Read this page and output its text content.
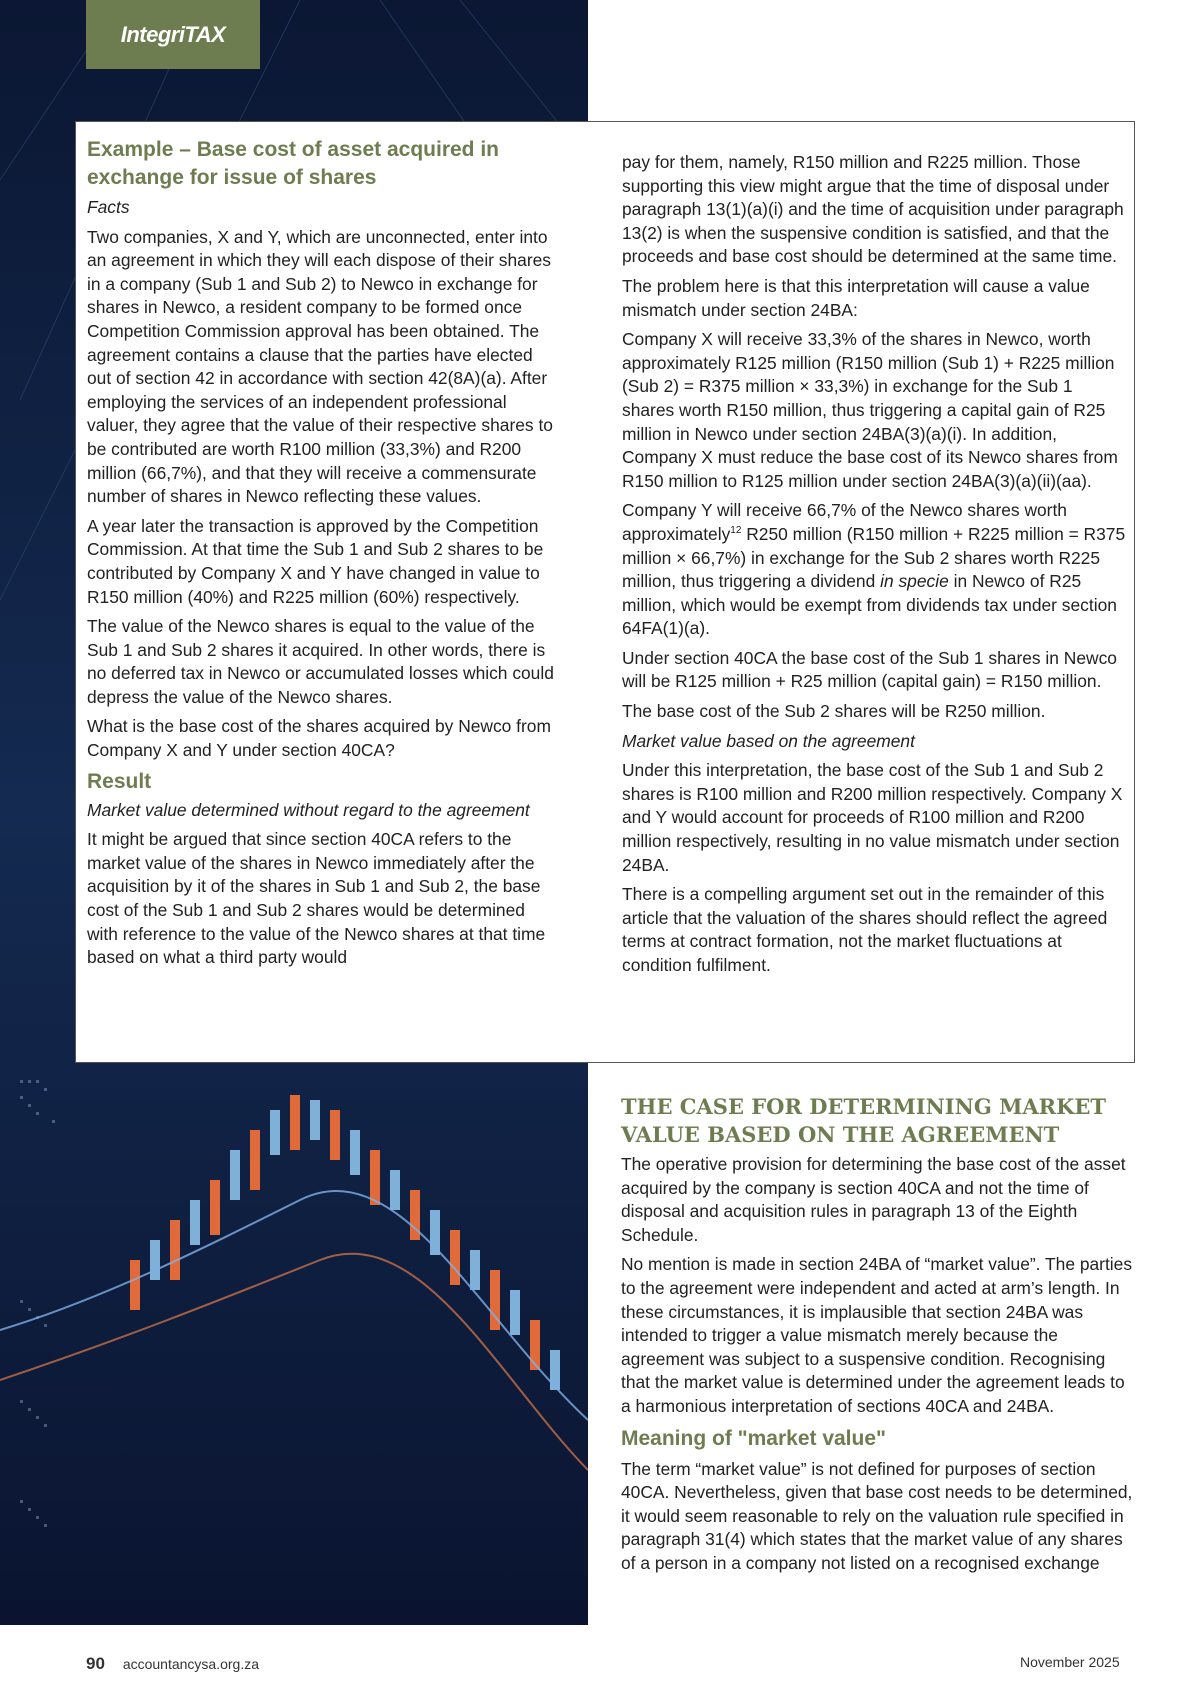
IntegriTAX

Example – Base cost of asset acquired in exchange for issue of shares

Facts

Two companies, X and Y, which are unconnected, enter into an agreement in which they will each dispose of their shares in a company (Sub 1 and Sub 2) to Newco in exchange for shares in Newco, a resident company to be formed once Competition Commission approval has been obtained. The agreement contains a clause that the parties have elected out of section 42 in accordance with section 42(8A)(a). After employing the services of an independent professional valuer, they agree that the value of their respective shares to be contributed are worth R100 million (33,3%) and R200 million (66,7%), and that they will receive a commensurate number of shares in Newco reflecting these values.

A year later the transaction is approved by the Competition Commission. At that time the Sub 1 and Sub 2 shares to be contributed by Company X and Y have changed in value to R150 million (40%) and R225 million (60%) respectively.

The value of the Newco shares is equal to the value of the Sub 1 and Sub 2 shares it acquired. In other words, there is no deferred tax in Newco or accumulated losses which could depress the value of the Newco shares.

What is the base cost of the shares acquired by Newco from Company X and Y under section 40CA?

Result

Market value determined without regard to the agreement

It might be argued that since section 40CA refers to the market value of the shares in Newco immediately after the acquisition by it of the shares in Sub 1 and Sub 2, the base cost of the Sub 1 and Sub 2 shares would be determined with reference to the value of the Newco shares at that time based on what a third party would

pay for them, namely, R150 million and R225 million. Those supporting this view might argue that the time of disposal under paragraph 13(1)(a)(i) and the time of acquisition under paragraph 13(2) is when the suspensive condition is satisfied, and that the proceeds and base cost should be determined at the same time.

The problem here is that this interpretation will cause a value mismatch under section 24BA:

Company X will receive 33,3% of the shares in Newco, worth approximately R125 million (R150 million (Sub 1) + R225 million (Sub 2) = R375 million × 33,3%) in exchange for the Sub 1 shares worth R150 million, thus triggering a capital gain of R25 million in Newco under section 24BA(3)(a)(i). In addition, Company X must reduce the base cost of its Newco shares from R150 million to R125 million under section 24BA(3)(a)(ii)(aa).

Company Y will receive 66,7% of the Newco shares worth approximately$^{12}$ R250 million (R150 million + R225 million = R375 million × 66,7%) in exchange for the Sub 2 shares worth R225 million, thus triggering a dividend in specie in Newco of R25 million, which would be exempt from dividends tax under section 64FA(1)(a).

Under section 40CA the base cost of the Sub 1 shares in Newco will be R125 million + R25 million (capital gain) = R150 million.

The base cost of the Sub 2 shares will be R250 million.

Market value based on the agreement

Under this interpretation, the base cost of the Sub 1 and Sub 2 shares is R100 million and R200 million respectively. Company X and Y would account for proceeds of R100 million and R200 million respectively, resulting in no value mismatch under section 24BA.

There is a compelling argument set out in the remainder of this article that the valuation of the shares should reflect the agreed terms at contract formation, not the market fluctuations at condition fulfilment.

THE CASE FOR DETERMINING MARKET VALUE BASED ON THE AGREEMENT

The operative provision for determining the base cost of the asset acquired by the company is section 40CA and not the time of disposal and acquisition rules in paragraph 13 of the Eighth Schedule.

No mention is made in section 24BA of “market value”. The parties to the agreement were independent and acted at arm’s length. In these circumstances, it is implausible that section 24BA was intended to trigger a value mismatch merely because the agreement was subject to a suspensive condition. Recognising that the market value is determined under the agreement leads to a harmonious interpretation of sections 40CA and 24BA.

Meaning of "market value"

The term “market value” is not defined for purposes of section 40CA. Nevertheless, given that base cost needs to be determined, it would seem reasonable to rely on the valuation rule specified in paragraph 31(4) which states that the market value of any shares of a person in a company not listed on a recognised exchange

90 accountancysa.org.za	November 2025
